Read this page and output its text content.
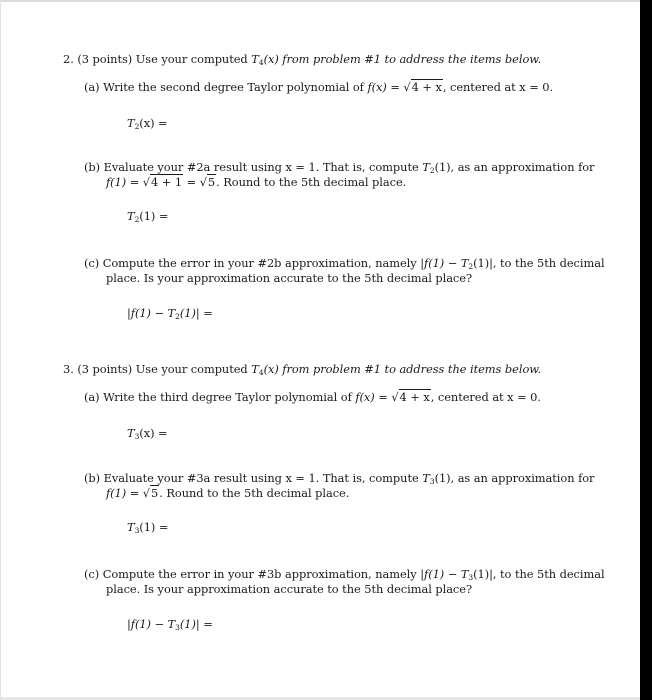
2. (3 points) Use your computed $T_4(x)$ from problem #1 to address the items below.
(a) Write the second degree Taylor polynomial of f(x) = √4 + x, centered at x = 0.
$T_2(x)$ =
(b) Evaluate your #2a result using x = 1. That is, compute $T_2(1)$, as an approximation for
f(1) = √4 + 1 = √5. Round to the 5th decimal place.
$T_2(1)$ =
(c) Compute the error in your #2b approximation, namely $|f(1) - T_2(1)|$, to the 5th decimal
place. Is your approximation accurate to the 5th decimal place?
$|f(1) - T_2(1)|$ =
3. (3 points) Use your computed $T_4(x)$ from problem #1 to address the items below.
(a) Write the third degree Taylor polynomial of f(x) = √4 + x, centered at x = 0.
$T_3(x)$ =
(b) Evaluate your #3a result using x = 1. That is, compute $T_3(1)$, as an approximation for
f(1) = √5. Round to the 5th decimal place.
$T_3(1)$ =
(c) Compute the error in your #3b approximation, namely $|f(1) - T_3(1)|$, to the 5th decimal
place. Is your approximation accurate to the 5th decimal place?
$|f(1) - T_3(1)|$ =
